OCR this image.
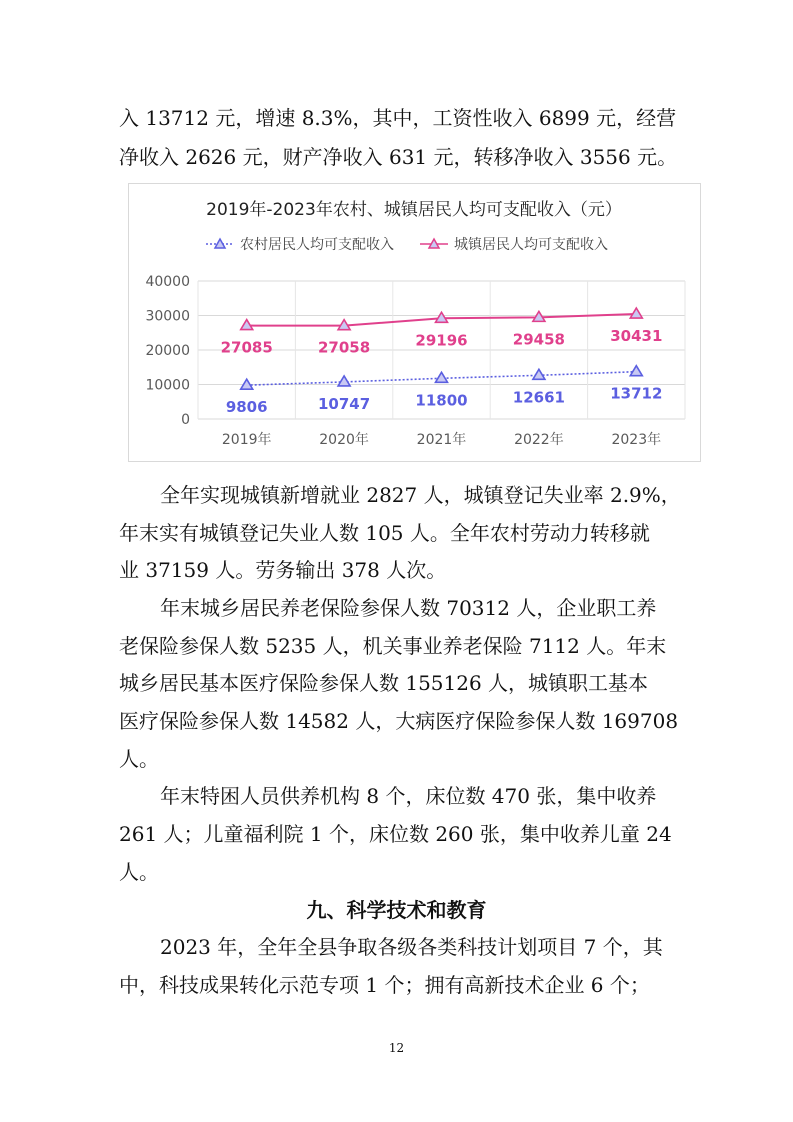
入 13712 元，增速 8.3%，其中，工资性收入 6899 元，经营

净收入 2626 元，财产净收入 631 元，转移净收入 3556 元。

2019年-2023年农村、城镇居民人均可支配收入（元）
农村居民人均可支配收入	城镇居民人均可支配收入
0
10000
20000
30000
40000
2019年	2020年	2021年	2022年	2023年
9806	10747	11800	12661	13712
27085	27058	29196	29458	30431

全年实现城镇新增就业 2827 人，城镇登记失业率 2.9%，

年末实有城镇登记失业人数 105 人。全年农村劳动力转移就

业 37159 人。劳务输出 378 人次。

年末城乡居民养老保险参保人数 70312 人，企业职工养

老保险参保人数 5235 人，机关事业养老保险 7112 人。年末

城乡居民基本医疗保险参保人数 155126 人，城镇职工基本

医疗保险参保人数 14582 人，大病医疗保险参保人数 169708

人。

年末特困人员供养机构 8 个，床位数 470 张，集中收养

261 人；儿童福利院 1 个，床位数 260 张，集中收养儿童 24

人。

九、科学技术和教育

2023 年，全年全县争取各级各类科技计划项目 7 个，其

中，科技成果转化示范专项 1 个；拥有高新技术企业 6 个；

12
